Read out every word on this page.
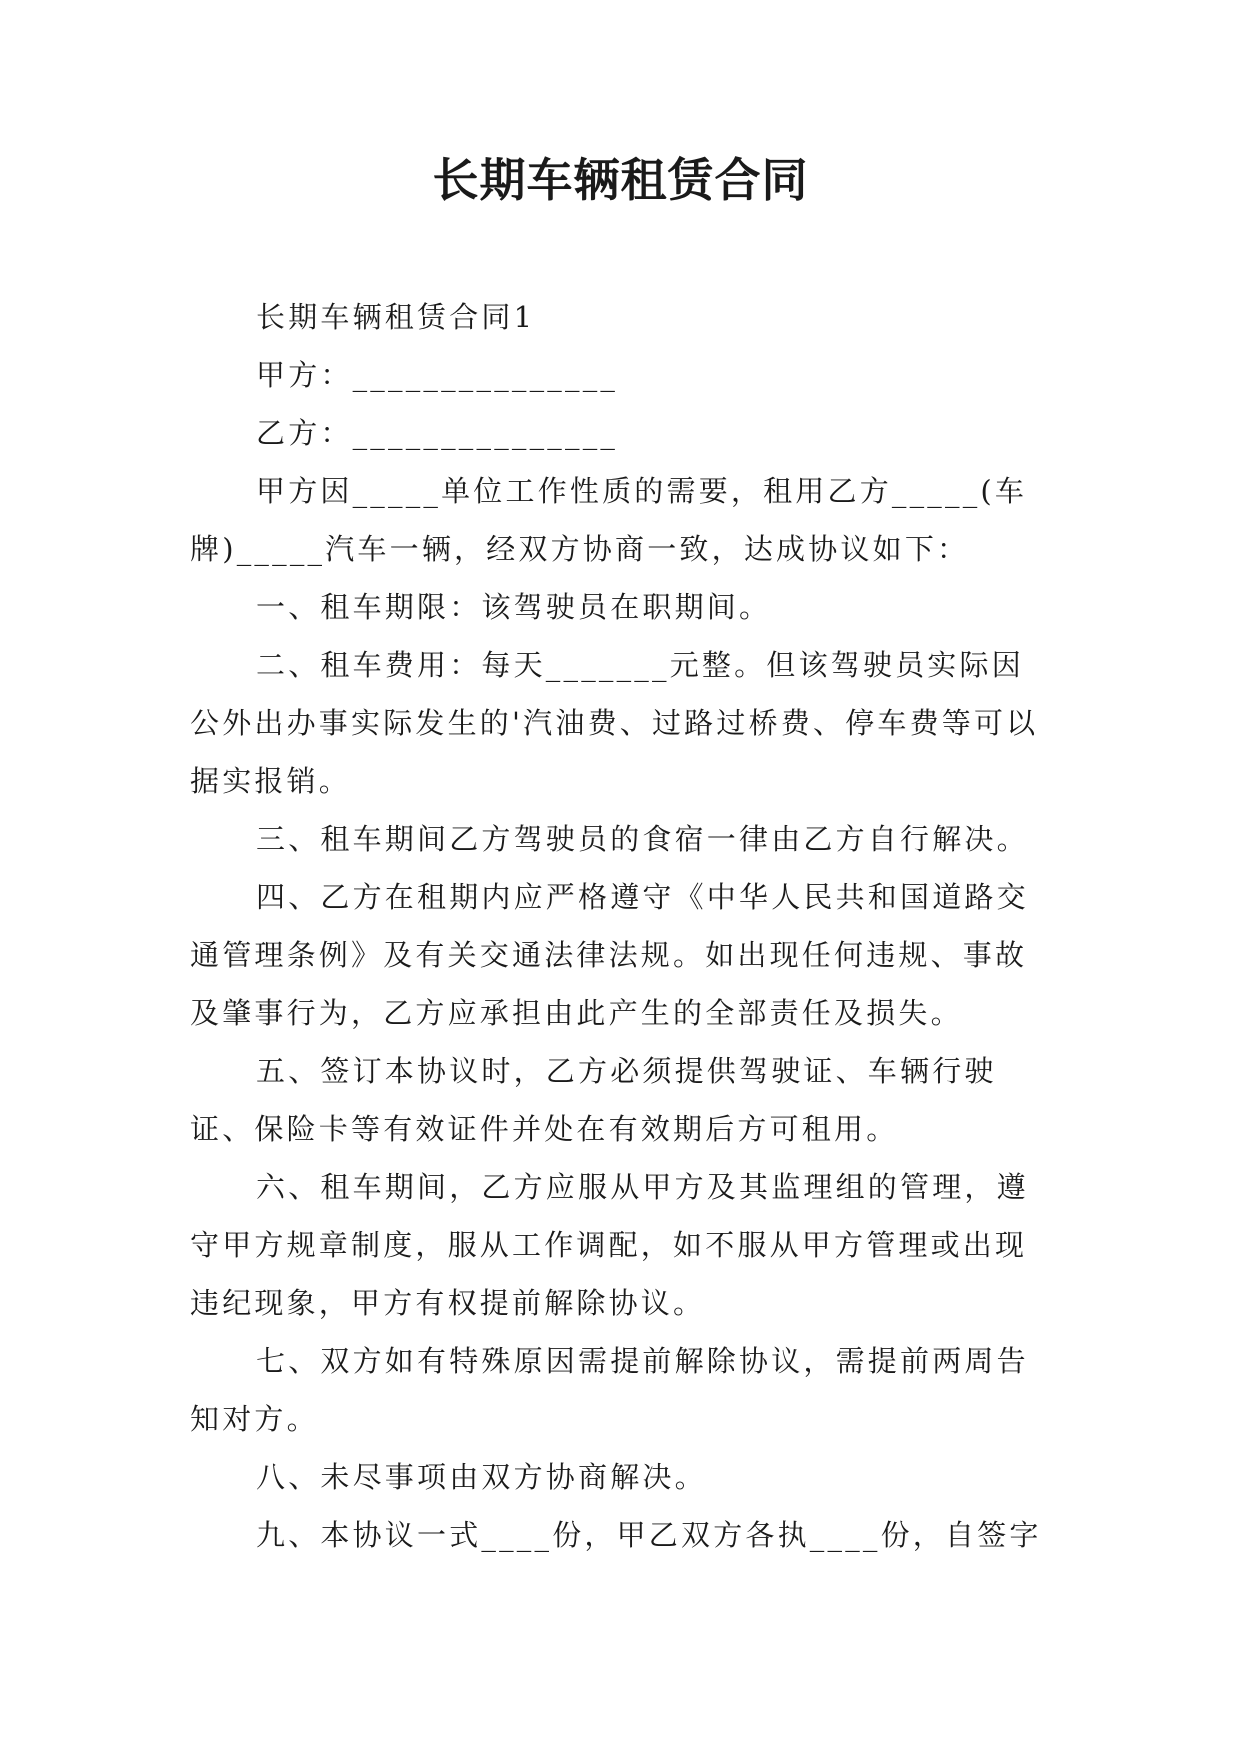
长期车辆租赁合同

长期车辆租赁合同1

甲方：_______________

乙方：_______________

甲方因_____单位工作性质的需要，租用乙方_____(车牌)_____汽车一辆，经双方协商一致，达成协议如下：

一、租车期限：该驾驶员在职期间。

二、租车费用：每天_______元整。但该驾驶员实际因公外出办事实际发生的'汽油费、过路过桥费、停车费等可以据实报销。

三、租车期间乙方驾驶员的食宿一律由乙方自行解决。

四、乙方在租期内应严格遵守《中华人民共和国道路交通管理条例》及有关交通法律法规。如出现任何违规、事故及肇事行为，乙方应承担由此产生的全部责任及损失。

五、签订本协议时，乙方必须提供驾驶证、车辆行驶证、保险卡等有效证件并处在有效期后方可租用。

六、租车期间，乙方应服从甲方及其监理组的管理，遵守甲方规章制度，服从工作调配，如不服从甲方管理或出现违纪现象，甲方有权提前解除协议。

七、双方如有特殊原因需提前解除协议，需提前两周告知对方。

八、未尽事项由双方协商解决。

九、本协议一式____份，甲乙双方各执____份，自签字
